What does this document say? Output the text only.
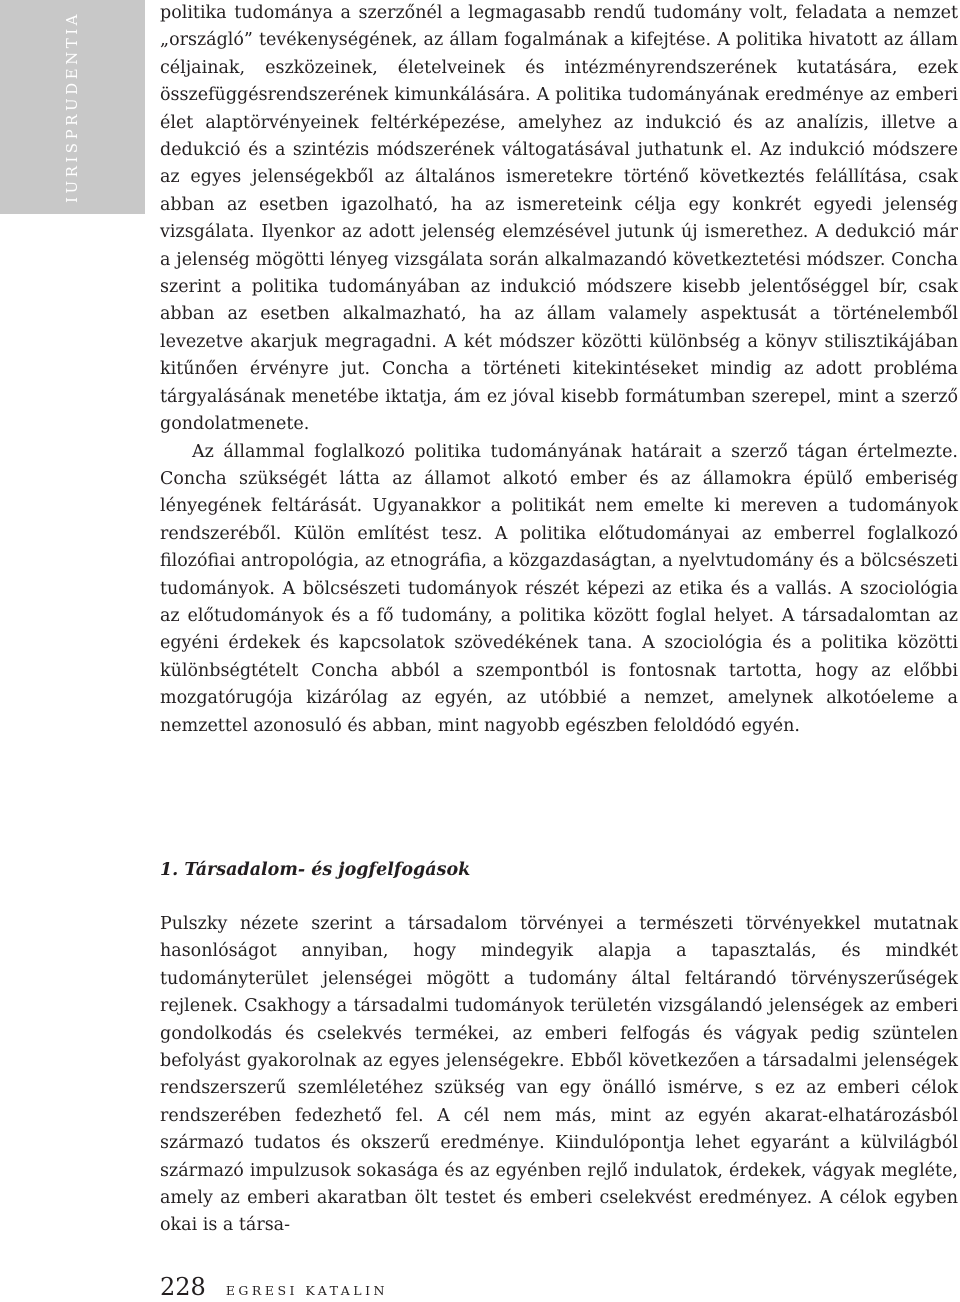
IURISPRUDENTIA	politika tudománya a szerzőnél a legmagasabb rendű tudomány volt, feladata a nemzet „országló” tevékenységének, az állam fogalmának a kifejtése. A politika hivatott az állam céljainak, eszközeinek, életelveinek és intézményrendszerének kutatására, ezek összefüggésrendszerének kimunkálására. A politika tudományának eredménye az emberi élet alaptörvényeinek feltérképezése, amelyhez az indukció és az analízis, illetve a dedukció és a szintézis módszerének váltogatásával juthatunk el. Az indukció módszere az egyes jelenségekből az általános ismeretekre történő következtés felállítása, csak abban az esetben igazolható, ha az ismereteink célja egy konkrét egyedi jelenség vizsgálata. Ilyenkor az adott jelenség elemzésével jutunk új ismerethez. A dedukció már a jelenség mögötti lényeg vizsgálata során alkalmazandó következtetési módszer. Concha szerint a politika tudományában az indukció módszere kisebb jelentőséggel bír, csak abban az esetben alkalmazható, ha az állam valamely aspektusát a történelemből levezetve akarjuk megragadni. A két módszer közötti különbség a könyv stilisztikájában kitűnően érvényre jut. Concha a történeti kitekintéseket mindig az adott probléma tárgyalásának menetébe iktatja, ám ez jóval kisebb formátumban szerepel, mint a szerző gondolatmenete.

Az állammal foglalkozó politika tudományának határait a szerző tágan értelmezte. Concha szükségét látta az államot alkotó ember és az államokra épülő emberiség lényegének feltárását. Ugyanakkor a politikát nem emelte ki mereven a tudományok rendszeréből. Külön említést tesz. A politika előtudományai az emberrel foglalkozó filozófiai antropológia, az etnográfia, a közgazdaságtan, a nyelvtudomány és a bölcsészeti tudományok. A bölcsészeti tudományok részét képezi az etika és a vallás. A szociológia az előtudományok és a fő tudomány, a politika között foglal helyet. A társadalomtan az egyéni érdekek és kapcsolatok szövedékének tana. A szociológia és a politika közötti különbségtételt Concha abból a szempontból is fontosnak tartotta, hogy az előbbi mozgatórugója kizárólag az egyén, az utóbbié a nemzet, amelynek alkotóeleme a nemzettel azonosuló és abban, mint nagyobb egészben feloldódó egyén.

1. Társadalom- és jogfelfogások

Pulszky nézete szerint a társadalom törvényei a természeti törvényekkel mutatnak hasonlóságot annyiban, hogy mindegyik alapja a tapasztalás, és mindkét tudományterület jelenségei mögött a tudomány által feltárandó törvényszerűségek rejlenek. Csakhogy a társadalmi tudományok területén vizsgálandó jelenségek az emberi gondolkodás és cselekvés termékei, az emberi felfogás és vágyak pedig szüntelen befolyást gyakorolnak az egyes jelenségekre. Ebből következően a társadalmi jelenségek rendszerszerű szemléletéhez szükség van egy önálló ismérve, s ez az emberi célok rendszerében fedezhető fel. A cél nem más, mint az egyén akarat-elhatározásból származó tudatos és okszerű eredménye. Kiindulópontja lehet egyaránt a külvilágból származó impulzusok sokasága és az egyénben rejlő indulatok, érdekek, vágyak megléte, amely az emberi akaratban ölt testet és emberi cselekvést eredményez. A célok egyben okai is a társa-

228 EGRESI KATALIN
